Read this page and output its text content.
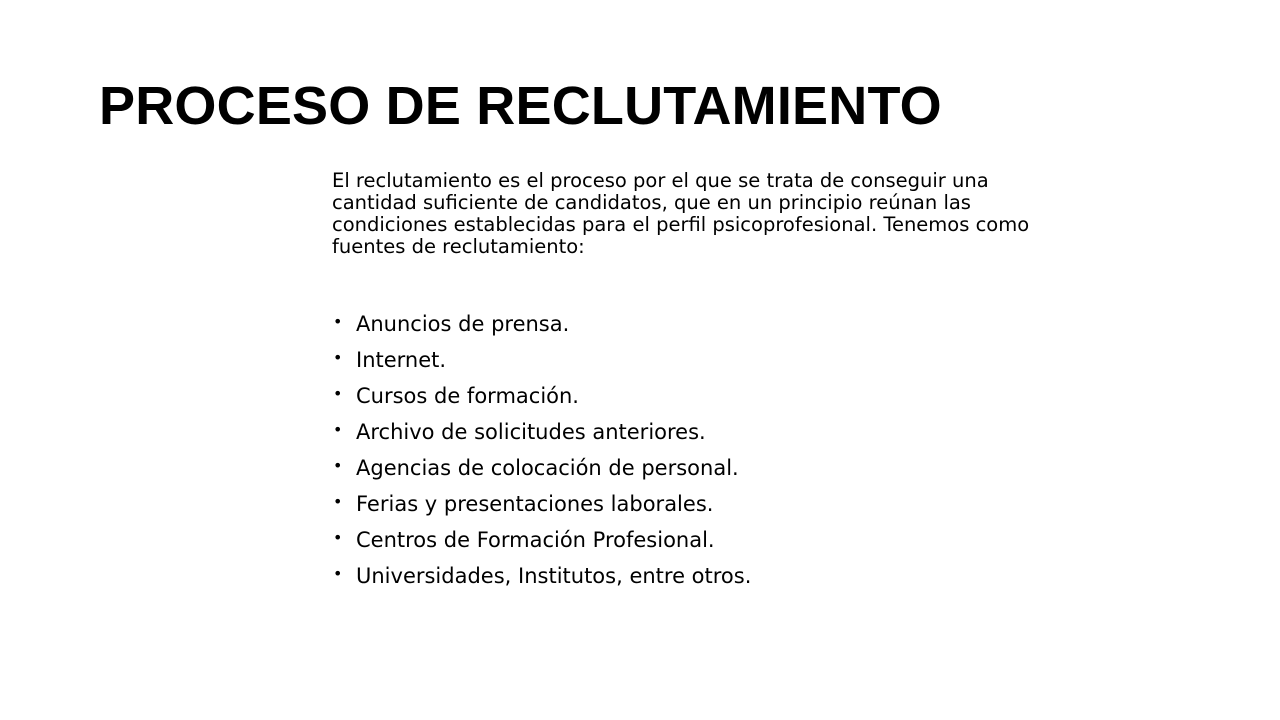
PROCESO DE RECLUTAMIENTO

El reclutamiento es el proceso por el que se trata de conseguir una cantidad suficiente de candidatos, que en un principio reúnan las condiciones establecidas para el perfil psicoprofesional. Tenemos como fuentes de reclutamiento:

• Anuncios de prensa.
• Internet.
• Cursos de formación.
• Archivo de solicitudes anteriores.
• Agencias de colocación de personal.
• Ferias y presentaciones laborales.
• Centros de Formación Profesional.
• Universidades, Institutos, entre otros.
